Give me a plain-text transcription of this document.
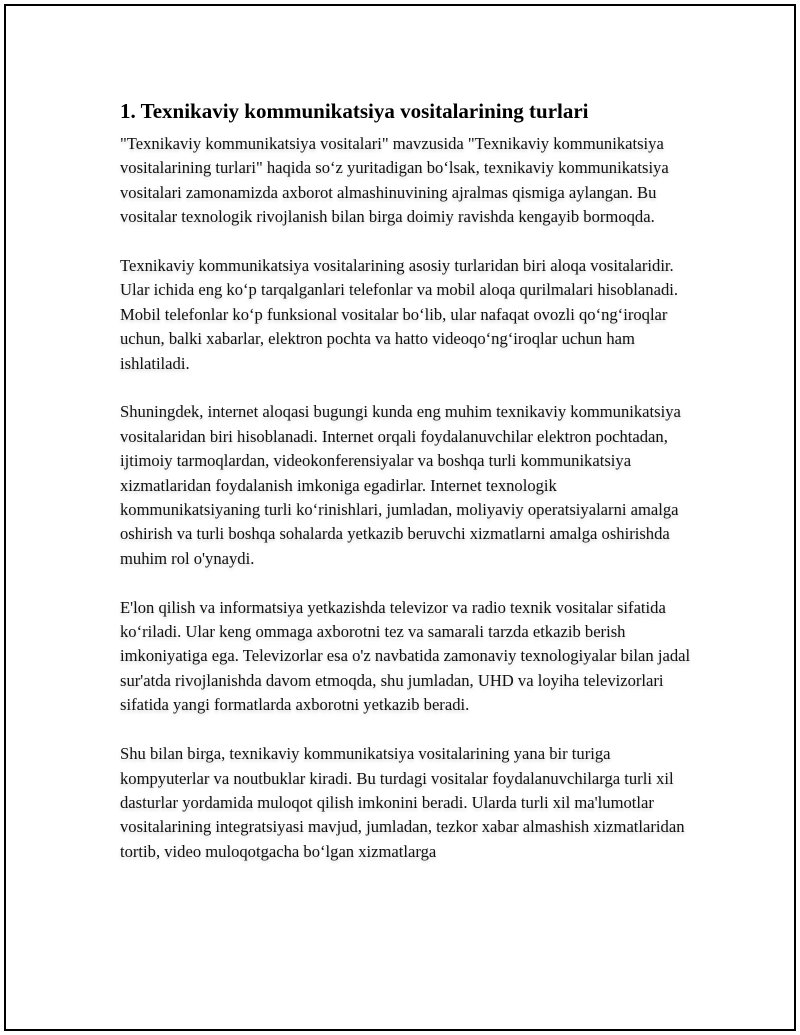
1. Texnikaviy kommunikatsiya vositalarining turlari

"Texnikaviy kommunikatsiya vositalari" mavzusida "Texnikaviy kommunikatsiya vositalarining turlari" haqida so‘z yuritadigan bo‘lsak, texnikaviy kommunikatsiya vositalari zamonamizda axborot almashinuvining ajralmas qismiga aylangan. Bu vositalar texnologik rivojlanish bilan birga doimiy ravishda kengayib bormoqda.

Texnikaviy kommunikatsiya vositalarining asosiy turlaridan biri aloqa vositalaridir. Ular ichida eng ko‘p tarqalganlari telefonlar va mobil aloqa qurilmalari hisoblanadi. Mobil telefonlar ko‘p funksional vositalar bo‘lib, ular nafaqat ovozli qo‘ng‘iroqlar uchun, balki xabarlar, elektron pochta va hatto videoqo‘ng‘iroqlar uchun ham ishlatiladi.

Shuningdek, internet aloqasi bugungi kunda eng muhim texnikaviy kommunikatsiya vositalaridan biri hisoblanadi. Internet orqali foydalanuvchilar elektron pochtadan, ijtimoiy tarmoqlardan, videokonferensiyalar va boshqa turli kommunikatsiya xizmatlaridan foydalanish imkoniga egadirlar. Internet texnologik kommunikatsiyaning turli ko‘rinishlari, jumladan, moliyaviy operatsiyalarni amalga oshirish va turli boshqa sohalarda yetkazib beruvchi xizmatlarni amalga oshirishda muhim rol o'ynaydi.

E'lon qilish va informatsiya yetkazishda televizor va radio texnik vositalar sifatida ko‘riladi. Ular keng ommaga axborotni tez va samarali tarzda etkazib berish imkoniyatiga ega. Televizorlar esa o'z navbatida zamonaviy texnologiyalar bilan jadal sur'atda rivojlanishda davom etmoqda, shu jumladan, UHD va loyiha televizorlari sifatida yangi formatlarda axborotni yetkazib beradi.

Shu bilan birga, texnikaviy kommunikatsiya vositalarining yana bir turiga kompyuterlar va noutbuklar kiradi. Bu turdagi vositalar foydalanuvchilarga turli xil dasturlar yordamida muloqot qilish imkonini beradi. Ularda turli xil ma'lumotlar vositalarining integratsiyasi mavjud, jumladan, tezkor xabar almashish xizmatlaridan tortib, video muloqotgacha bo‘lgan xizmatlarga
